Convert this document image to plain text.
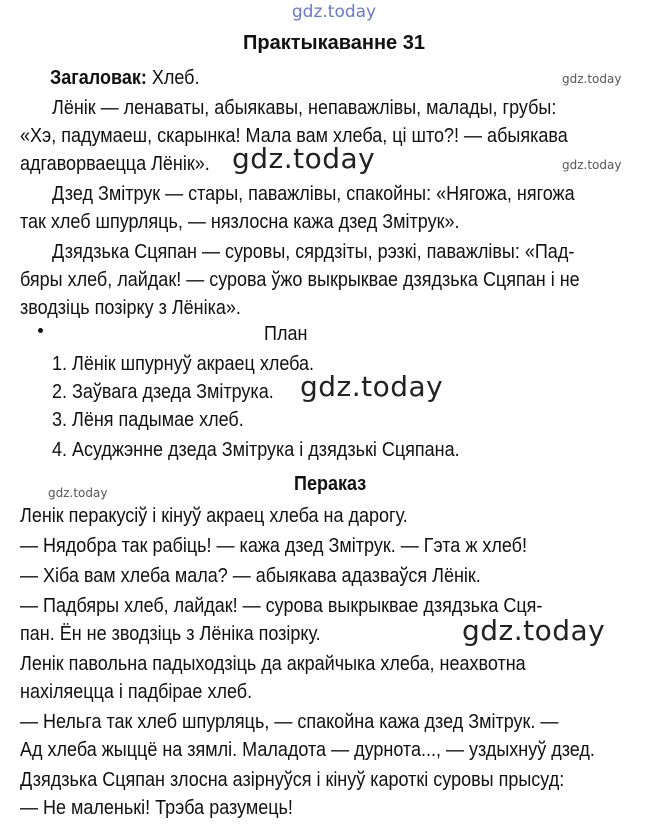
gdz.today
Практыкаванне 31
Загаловак: Хлеб.	gdz.today
Лёнік — ленаваты, абыякавы, непаважлівы, малады, грубы:
«Хэ, падумаеш, скарынка! Мала вам хлеба, ці што?! — абыякава
адгаворваецца Лёнік». gdz.today	gdz.today
Дзед Змітрук — стары, паважлівы, спакойны: «Нягожа, нягожа
так хлеб шпурляць, — нязлосна кажа дзед Змітрук».
Дзядзька Сцяпан — суровы, сярдзіты, рэзкі, паважлівы: «Пад-
бяры хлеб, лайдак! — сурова ўжо выкрыквае дзядзька Сцяпан і не
зводзіць позірку з Лёніка».
План
1. Лёнік шпурнуў акраец хлеба.
2. Заўвага дзеда Змітрука. gdz.today
3. Лёня падымае хлеб.
4. Асуджэнне дзеда Змітрука і дзядзькі Сцяпана.
Пераказ
gdz.today
Ленік перакусіў і кінуў акраец хлеба на дарогу.
— Нядобра так рабіць! — кажа дзед Змітрук. — Гэта ж хлеб!
— Хіба вам хлеба мала? — абыякава адазваўся Лёнік.
— Падбяры хлеб, лайдак! — сурова выкрыквае дзядзька Сця-
пан. Ён не зводзіць з Лёніка позірку.	gdz.today
Ленік павольна падыходзіць да акрайчыка хлеба, неахвотна
нахіляецца і падбірае хлеб.
— Нельга так хлеб шпурляць, — спакойна кажа дзед Змітрук. —
Ад хлеба жыццё на зямлі. Маладота — дурнота..., — уздыхнуў дзед.
Дзядзька Сцяпан злосна азірнуўся і кінуў кароткі суровы прысуд:
— Не маленькі! Трэба разумець!
